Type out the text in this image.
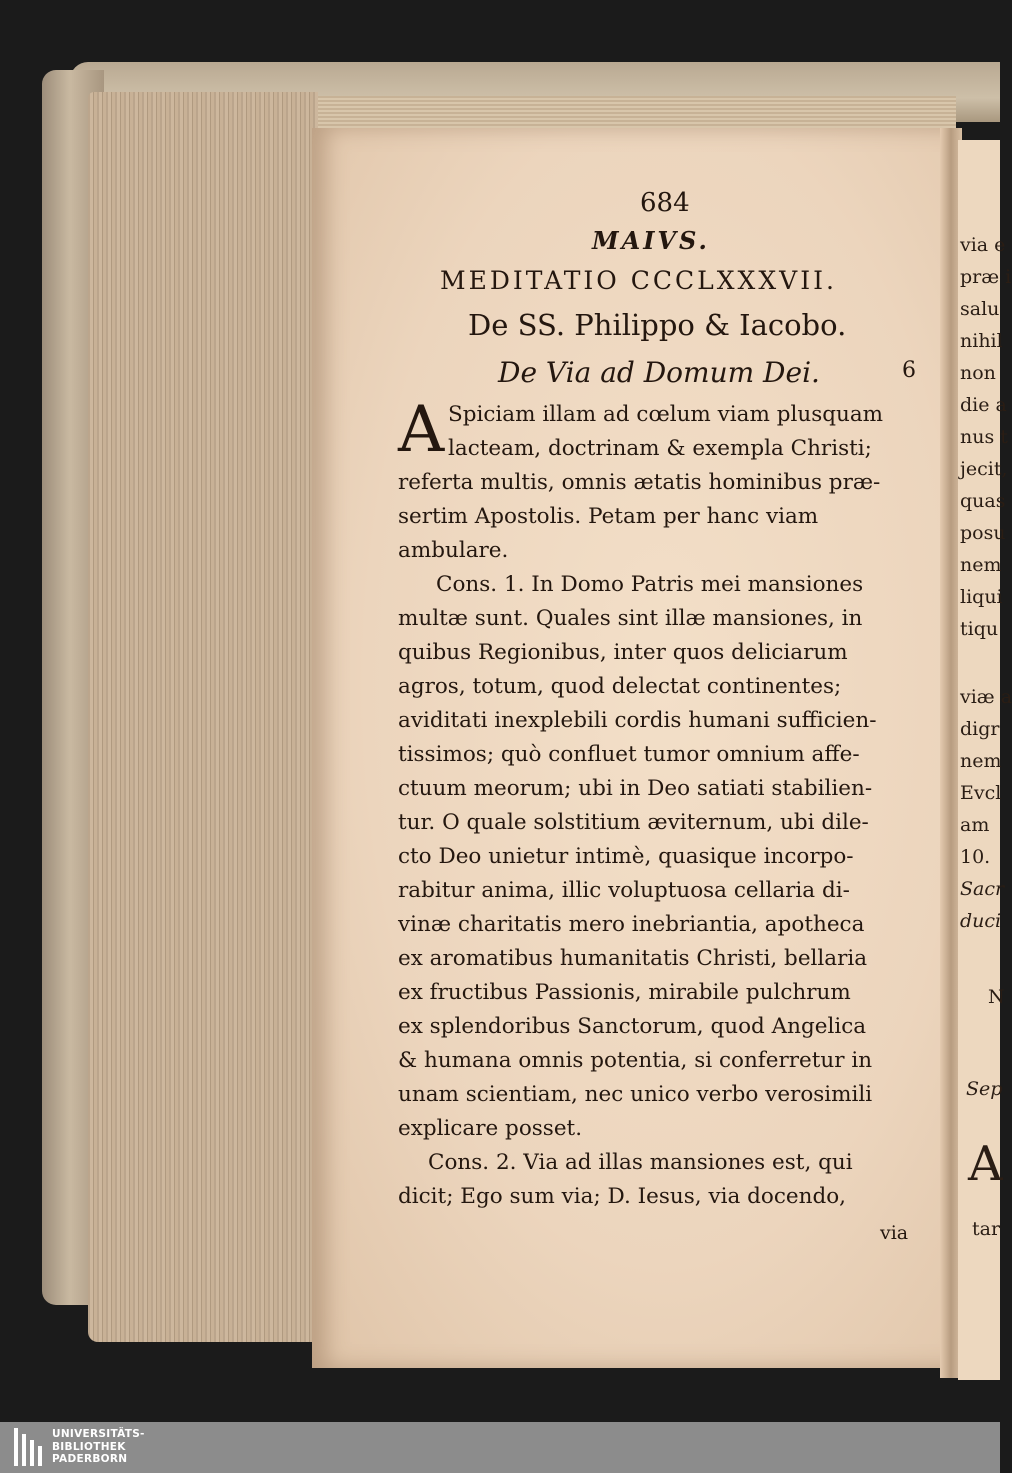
684
MAIVS.
MEDITATIO CCCLXXXVII.
De SS. Philippo & Iacobo.
De Via ad Domum Dei.	6
A Spiciam illam ad cœlum viam plusquam
lacteam, doctrinam & exempla Christi;
referta multis, omnis ætatis hominibus præ-
sertim Apostolis. Petam per hanc viam
ambulare.
Cons. 1. In Domo Patris mei mansiones
multæ sunt. Quales sint illæ mansiones, in
quibus Regionibus, inter quos deliciarum
agros, totum, quod delectat continentes;
aviditati inexplebili cordis humani sufficien-
tissimos; quò confluet tumor omnium affe-
ctuum meorum; ubi in Deo satiati stabilien-
tur. O quale solstitium æviternum, ubi dile-
cto Deo unietur intimè, quasique incorpo-
rabitur anima, illic voluptuosa cellaria di-
vinæ charitatis mero inebriantia, apotheca
ex aromatibus humanitatis Christi, bellaria
ex fructibus Passionis, mirabile pulchrum
ex splendoribus Sanctorum, quod Angelica
& humana omnis potentia, si conferretur in
unam scientiam, nec unico verbo verosimili
explicare posset.
Cons. 2. Via ad illas mansiones est, qui
dicit; Ego sum via; D. Iesus, via docendo,
via
via e
præ i
salu
nihil
non
die a
nus t
jecit,
quas
posu
nem
liqui
tiqu
viæ a
digr
nem
Evcl
am
10.
Sacr
duci
N
Sep
A
tar
UNIVERSITÄTS-
BIBLIOTHEK
PADERBORN
